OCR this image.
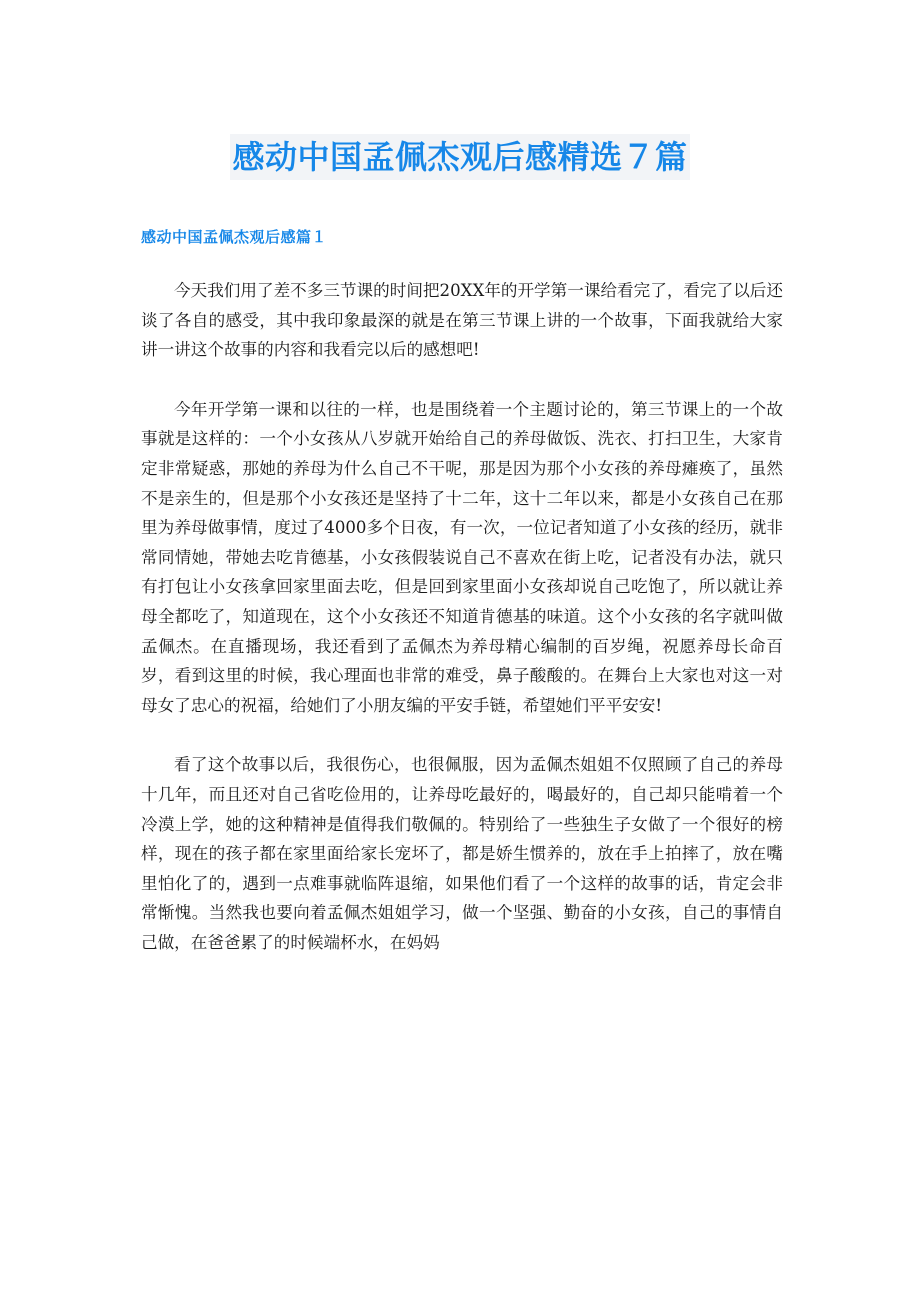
感动中国孟佩杰观后感精选７篇
感动中国孟佩杰观后感篇１

今天我们用了差不多三节课的时间把20XX年的开学第一课给看完了，看完了以后还谈了各自的感受，其中我印象最深的就是在第三节课上讲的一个故事，下面我就给大家讲一讲这个故事的内容和我看完以后的感想吧!

今年开学第一课和以往的一样，也是围绕着一个主题讨论的，第三节课上的一个故事就是这样的：一个小女孩从八岁就开始给自己的养母做饭、洗衣、打扫卫生，大家肯定非常疑惑，那她的养母为什么自己不干呢，那是因为那个小女孩的养母瘫痪了，虽然不是亲生的，但是那个小女孩还是坚持了十二年，这十二年以来，都是小女孩自己在那里为养母做事情，度过了4000多个日夜，有一次，一位记者知道了小女孩的经历，就非常同情她，带她去吃肯德基，小女孩假装说自己不喜欢在街上吃，记者没有办法，就只有打包让小女孩拿回家里面去吃，但是回到家里面小女孩却说自己吃饱了，所以就让养母全都吃了，知道现在，这个小女孩还不知道肯德基的味道。这个小女孩的名字就叫做孟佩杰。在直播现场，我还看到了孟佩杰为养母精心编制的百岁绳，祝愿养母长命百岁，看到这里的时候，我心理面也非常的难受，鼻子酸酸的。在舞台上大家也对这一对母女了忠心的祝福，给她们了小朋友编的平安手链，希望她们平平安安!

看了这个故事以后，我很伤心，也很佩服，因为孟佩杰姐姐不仅照顾了自己的养母十几年，而且还对自己省吃俭用的，让养母吃最好的，喝最好的，自己却只能啃着一个冷漠上学，她的这种精神是值得我们敬佩的。特别给了一些独生子女做了一个很好的榜样，现在的孩子都在家里面给家长宠坏了，都是娇生惯养的，放在手上拍摔了，放在嘴里怕化了的，遇到一点难事就临阵退缩，如果他们看了一个这样的故事的话，肯定会非常惭愧。当然我也要向着孟佩杰姐姐学习，做一个坚强、勤奋的小女孩，自己的事情自己做，在爸爸累了的时候端杯水，在妈妈
